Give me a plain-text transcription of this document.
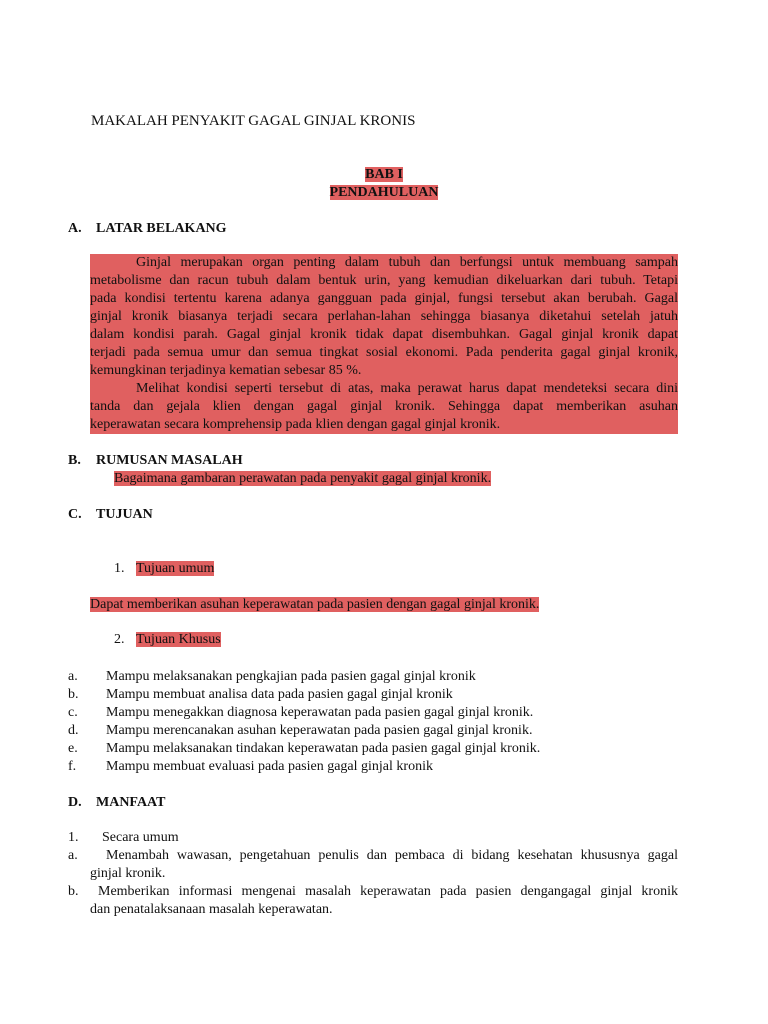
MAKALAH PENYAKIT GAGAL GINJAL KRONIS
BAB I
PENDAHULUAN
A. LATAR BELAKANG
Ginjal merupakan organ penting dalam tubuh dan berfungsi untuk membuang sampah
metabolisme dan racun tubuh dalam bentuk urin, yang kemudian dikeluarkan dari tubuh. Tetapi
pada kondisi tertentu karena adanya gangguan pada ginjal, fungsi tersebut akan berubah. Gagal
ginjal kronik biasanya terjadi secara perlahan-lahan sehingga biasanya diketahui setelah jatuh
dalam kondisi parah. Gagal ginjal kronik tidak dapat disembuhkan. Gagal ginjal kronik dapat
terjadi pada semua umur dan semua tingkat sosial ekonomi. Pada penderita gagal ginjal kronik,
kemungkinan terjadinya kematian sebesar 85 %.
Melihat kondisi seperti tersebut di atas, maka perawat harus dapat mendeteksi secara dini
tanda dan gejala klien dengan gagal ginjal kronik. Sehingga dapat memberikan asuhan
keperawatan secara komprehensip pada klien dengan gagal ginjal kronik.
B. RUMUSAN MASALAH
Bagaimana gambaran perawatan pada penyakit gagal ginjal kronik.
C. TUJUAN
1. Tujuan umum
Dapat memberikan asuhan keperawatan pada pasien dengan gagal ginjal kronik.
2. Tujuan Khusus
a. Mampu melaksanakan pengkajian pada pasien gagal ginjal kronik
b. Mampu membuat analisa data pada pasien gagal ginjal kronik
c. Mampu menegakkan diagnosa keperawatan pada pasien gagal ginjal kronik.
d. Mampu merencanakan asuhan keperawatan pada pasien gagal ginjal kronik.
e. Mampu melaksanakan tindakan keperawatan pada pasien gagal ginjal kronik.
f. Mampu membuat evaluasi pada pasien gagal ginjal kronik
D. MANFAAT
1. Secara umum
a.	Menambah wawasan, pengetahuan penulis dan pembaca di bidang kesehatan khususnya gagal
ginjal kronik.
b.	Memberikan informasi mengenai masalah keperawatan pada pasien dengangagal ginjal kronik
dan penatalaksanaan masalah keperawatan.
